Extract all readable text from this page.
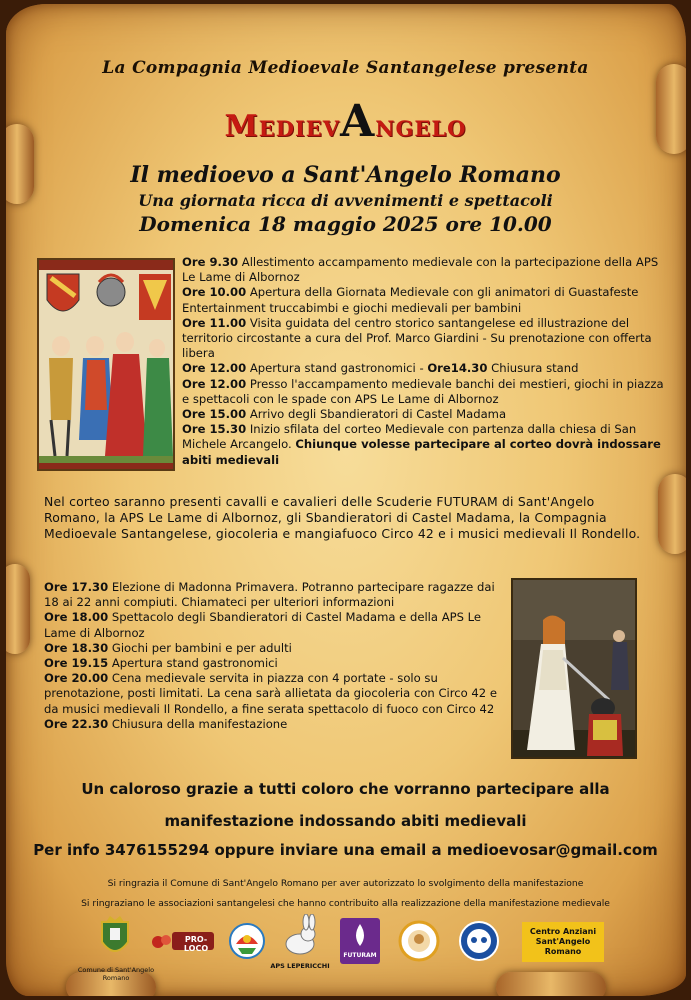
La Compagnia Medioevale Santangelese presenta
MedievAngelo
Il medioevo a Sant'Angelo Romano
Una giornata ricca di avvenimenti e spettacoli
Domenica 18 maggio 2025 ore 10.00
Ore 9.30 Allestimento accampamento medievale con la partecipazione della APS Le Lame di Albornoz
Ore 10.00 Apertura della Giornata Medievale con gli animatori di Guastafeste Entertainment truccabimbi e giochi medievali per bambini
Ore 11.00 Visita guidata del centro storico santangelese ed illustrazione del territorio circostante a cura del Prof. Marco Giardini - Su prenotazione con offerta libera
Ore 12.00 Apertura stand gastronomici - Ore14.30 Chiusura stand
Ore 12.00 Presso l'accampamento medievale banchi dei mestieri, giochi in piazza e spettacoli con le spade con APS Le Lame di Albornoz
Ore 15.00 Arrivo degli Sbandieratori di Castel Madama
Ore 15.30 Inizio sfilata del corteo Medievale con partenza dalla chiesa di San Michele Arcangelo. Chiunque volesse partecipare al corteo dovrà indossare abiti medievali
Nel corteo saranno presenti cavalli e cavalieri delle Scuderie FUTURAM di Sant'Angelo Romano, la APS Le Lame di Albornoz, gli Sbandieratori di Castel Madama, la Compagnia Medioevale Santangelese, giocoleria e mangiafuoco Circo 42 e i musici medievali Il Rondello.
Ore 17.30 Elezione di Madonna Primavera. Potranno partecipare ragazze dai 18 ai 22 anni compiuti. Chiamateci per ulteriori informazioni
Ore 18.00 Spettacolo degli Sbandieratori di Castel Madama e della APS Le Lame di Albornoz
Ore 18.30 Giochi per bambini e per adulti
Ore 19.15 Apertura stand gastronomici
Ore 20.00 Cena medievale servita in piazza con 4 portate - solo su prenotazione, posti limitati. La cena sarà allietata da giocoleria con Circo 42 e da musici medievali Il Rondello, a fine serata spettacolo di fuoco con Circo 42
Ore 22.30 Chiusura della manifestazione
Un caloroso grazie a tutti coloro che vorranno partecipare alla
manifestazione indossando abiti medievali
Per info 3476155294 oppure inviare una email a medioevosar@gmail.com
Si ringrazia il Comune di Sant'Angelo Romano per aver autorizzato lo svolgimento della manifestazione
Si ringraziano le associazioni santangelesi che hanno contribuito alla realizzazione della manifestazione medievale
Comune di Sant'Angelo Romano
PRO-LOCO
APS LEPERICCHI
FUTURAM
Centro Anziani
Sant'Angelo
Romano
